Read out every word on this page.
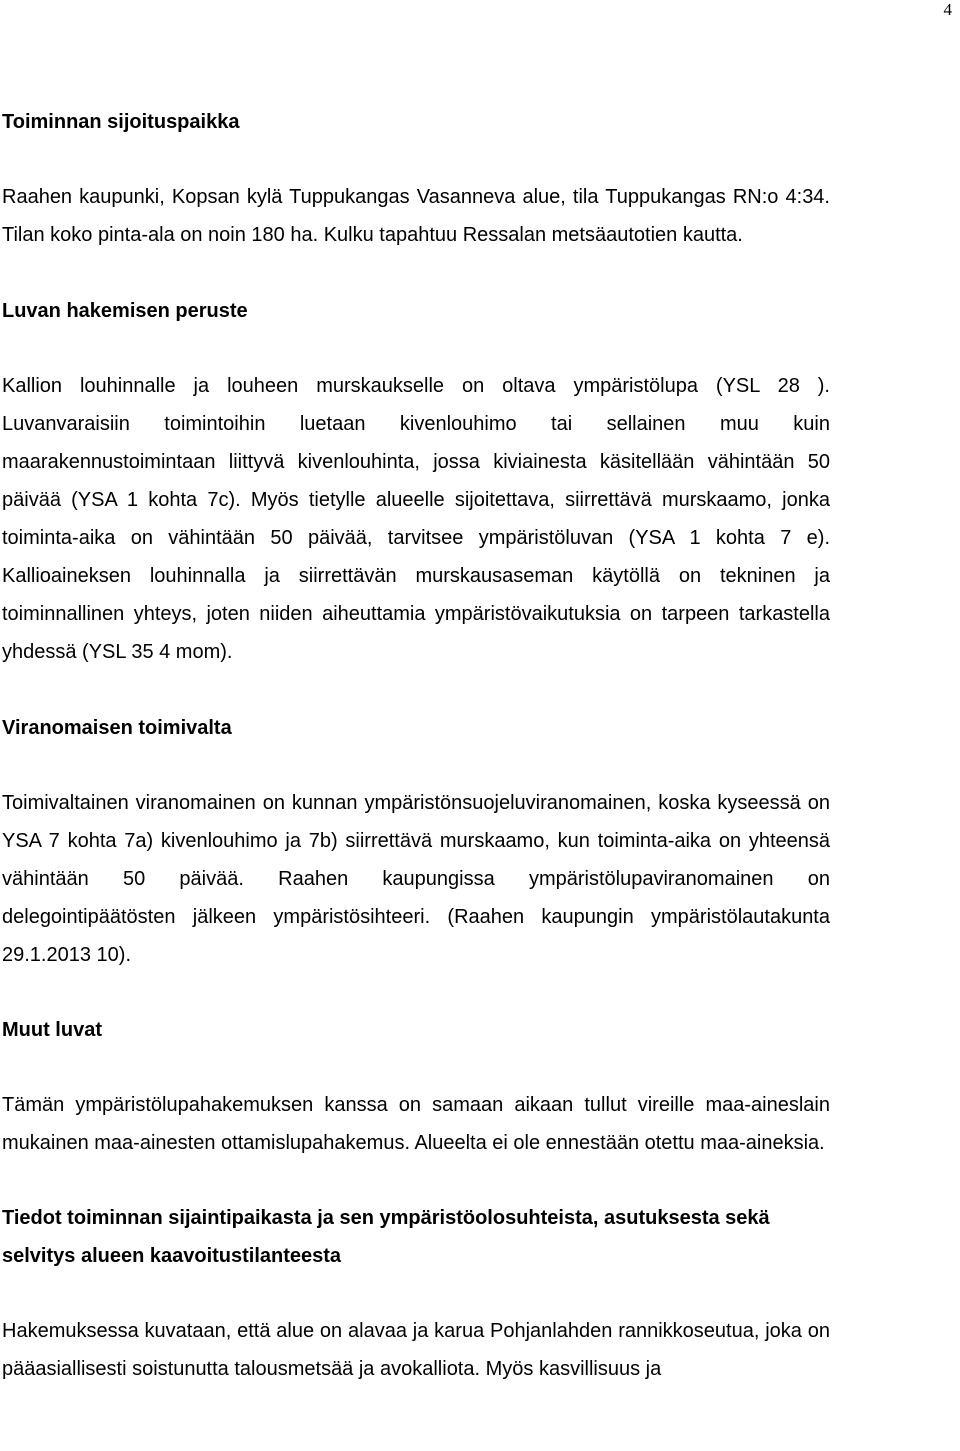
4

Toiminnan sijoituspaikka

Raahen kaupunki, Kopsan kylä Tuppukangas Vasanneva alue, tila Tuppukangas RN:o 4:34. Tilan koko pinta-ala on noin 180 ha. Kulku tapahtuu Ressalan metsäautotien kautta.

Luvan hakemisen peruste

Kallion louhinnalle ja louheen murskaukselle on oltava ympäristölupa (YSL 28 ). Luvanvaraisiin toimintoihin luetaan kivenlouhimo tai sellainen muu kuin maarakennustoimintaan liittyvä kivenlouhinta, jossa kiviainesta käsitellään vähintään 50 päivää (YSA 1 kohta 7c). Myös tietylle alueelle sijoitettava, siirrettävä murskaamo, jonka toiminta-aika on vähintään 50 päivää, tarvitsee ympäristöluvan (YSA 1 kohta 7 e). Kallioaineksen louhinnalla ja siirrettävän murskausaseman käytöllä on tekninen ja toiminnallinen yhteys, joten niiden aiheuttamia ympäristövaikutuksia on tarpeen tarkastella yhdessä (YSL 35 4 mom).

Viranomaisen toimivalta

Toimivaltainen viranomainen on kunnan ympäristönsuojeluviranomainen, koska kyseessä on YSA 7 kohta 7a) kivenlouhimo ja 7b) siirrettävä murskaamo, kun toiminta-aika on yhteensä vähintään 50 päivää. Raahen kaupungissa ympäristölupaviranomainen on delegointipäätösten jälkeen ympäristösihteeri. (Raahen kaupungin ympäristölautakunta 29.1.2013 10).

Muut luvat

Tämän ympäristölupahakemuksen kanssa on samaan aikaan tullut vireille maa-aineslain mukainen maa-ainesten ottamislupahakemus. Alueelta ei ole ennestään otettu maa-aineksia.

Tiedot toiminnan sijaintipaikasta ja sen ympäristöolosuhteista, asutuksesta sekä selvitys alueen kaavoitustilanteesta

Hakemuksessa kuvataan, että alue on alavaa ja karua Pohjanlahden rannikkoseutua, joka on pääasiallisesti soistunutta talousmetsää ja avokalliota. Myös kasvillisuus ja
